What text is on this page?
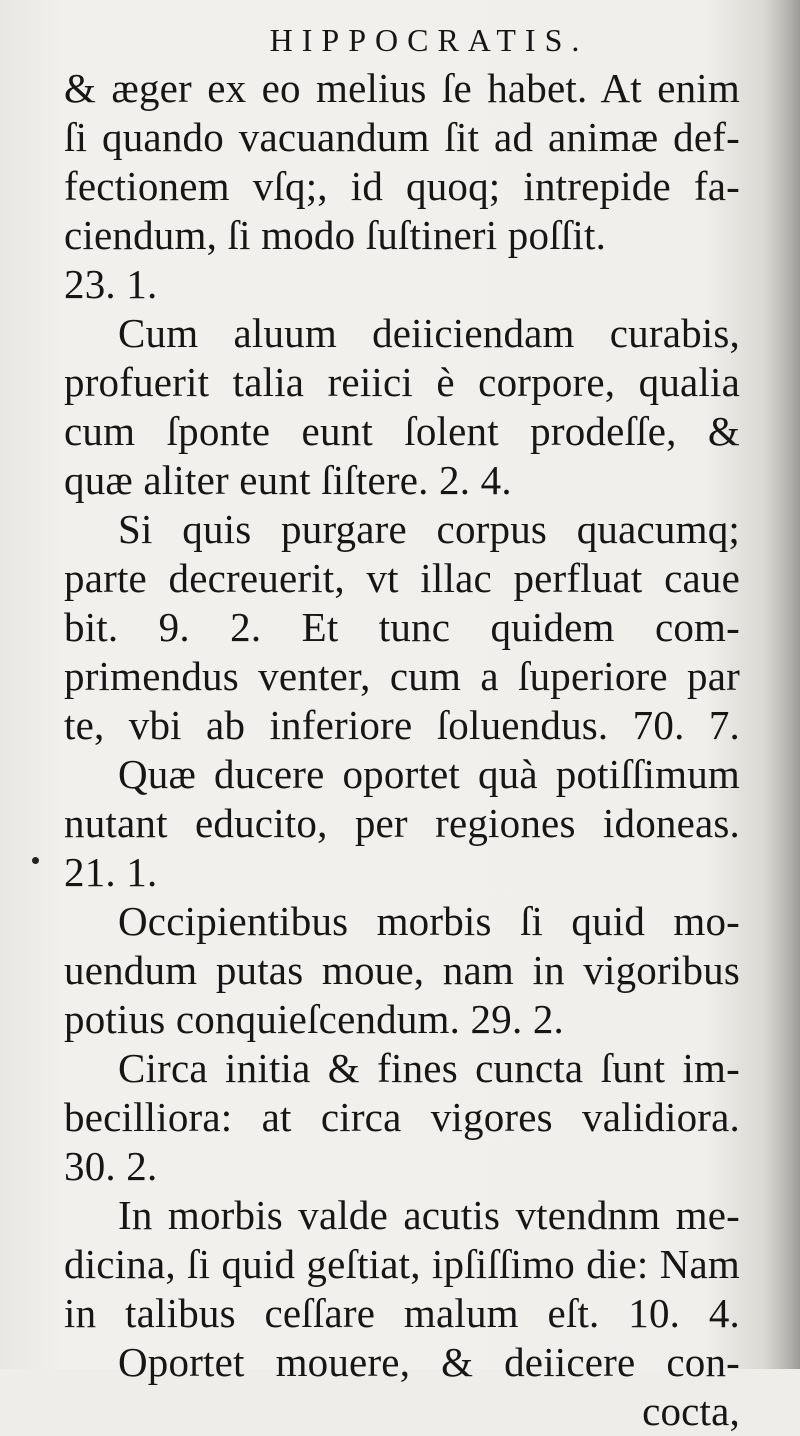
HIPPOCRATIS.
& æger ex eo melius ſe habet. At enim
ſi quando vacuandum ſit ad animæ def-
fectionem vſq;, id quoq; intrepide fa-
ciendum, ſi modo ſuſtineri poſſit.
23. 1.
Cum aluum deiiciendam curabis,
profuerit talia reiici è corpore, qualia
cum ſponte eunt ſolent prodeſſe, &
quæ aliter eunt ſiſtere. 2. 4.
Si quis purgare corpus quacumq;
parte decreuerit, vt illac perfluat caue
bit. 9. 2. Et tunc quidem com-
primendus venter, cum a ſuperiore par
te, vbi ab inferiore ſoluendus. 70. 7.
Quæ ducere oportet quà potiſſimum
nutant educito, per regiones idoneas.
21. 1.
Occipientibus morbis ſi quid mo-
uendum putas moue, nam in vigoribus
potius conquieſcendum. 29. 2.
Circa initia & fines cuncta ſunt im-
becilliora: at circa vigores validiora.
30. 2.
In morbis valde acutis vtendnm me-
dicina, ſi quid geſtiat, ipſiſſimo die: Nam
in talibus ceſſare malum eſt. 10. 4.
Oportet mouere, & deiicere con-
cocta,
